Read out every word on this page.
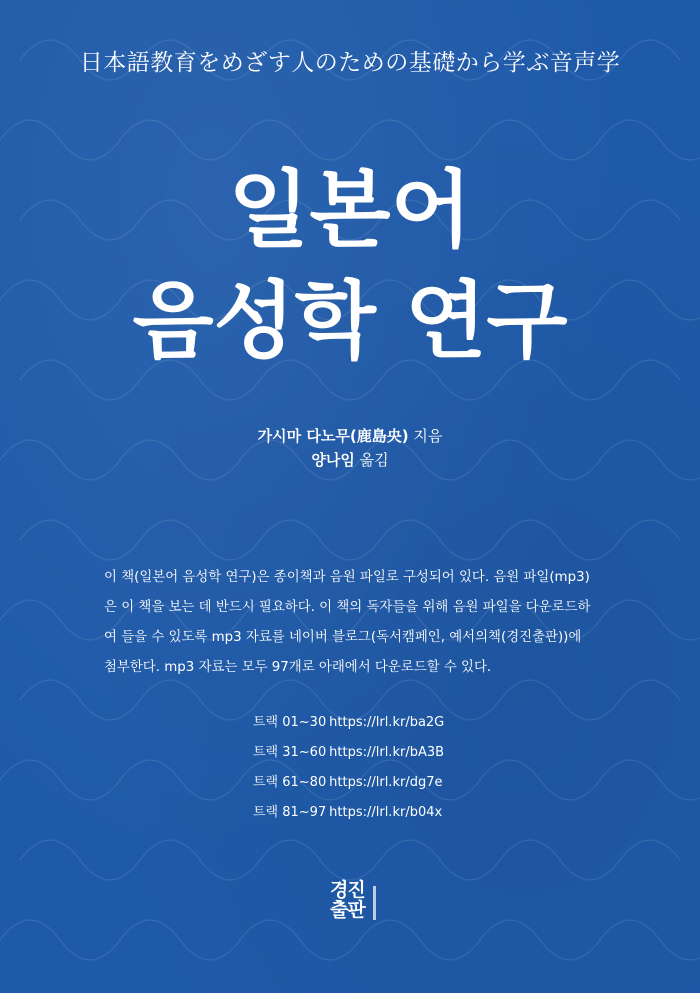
日本語教育をめざす人のための基礎から学ぶ音声学
일본어
음성학 연구
가시마 다노무(鹿島央) 지음
양나임 옮김
이 책(일본어 음성학 연구)은 종이책과 음원 파일로 구성되어 있다. 음원 파일(mp3)
은 이 책을 보는 데 반드시 필요하다. 이 책의 독자들을 위해 음원 파일을 다운로드하
여 들을 수 있도록 mp3 자료를 네이버 블로그(독서캠페인, 예서의책(경진출판))에
첨부한다. mp3 자료는 모두 97개로 아래에서 다운로드할 수 있다.
트랙 01~30 https://lrl.kr/ba2G
트랙 31~60 https://lrl.kr/bA3B
트랙 61~80 https://lrl.kr/dg7e
트랙 81~97 https://lrl.kr/b04x
경진
출판
